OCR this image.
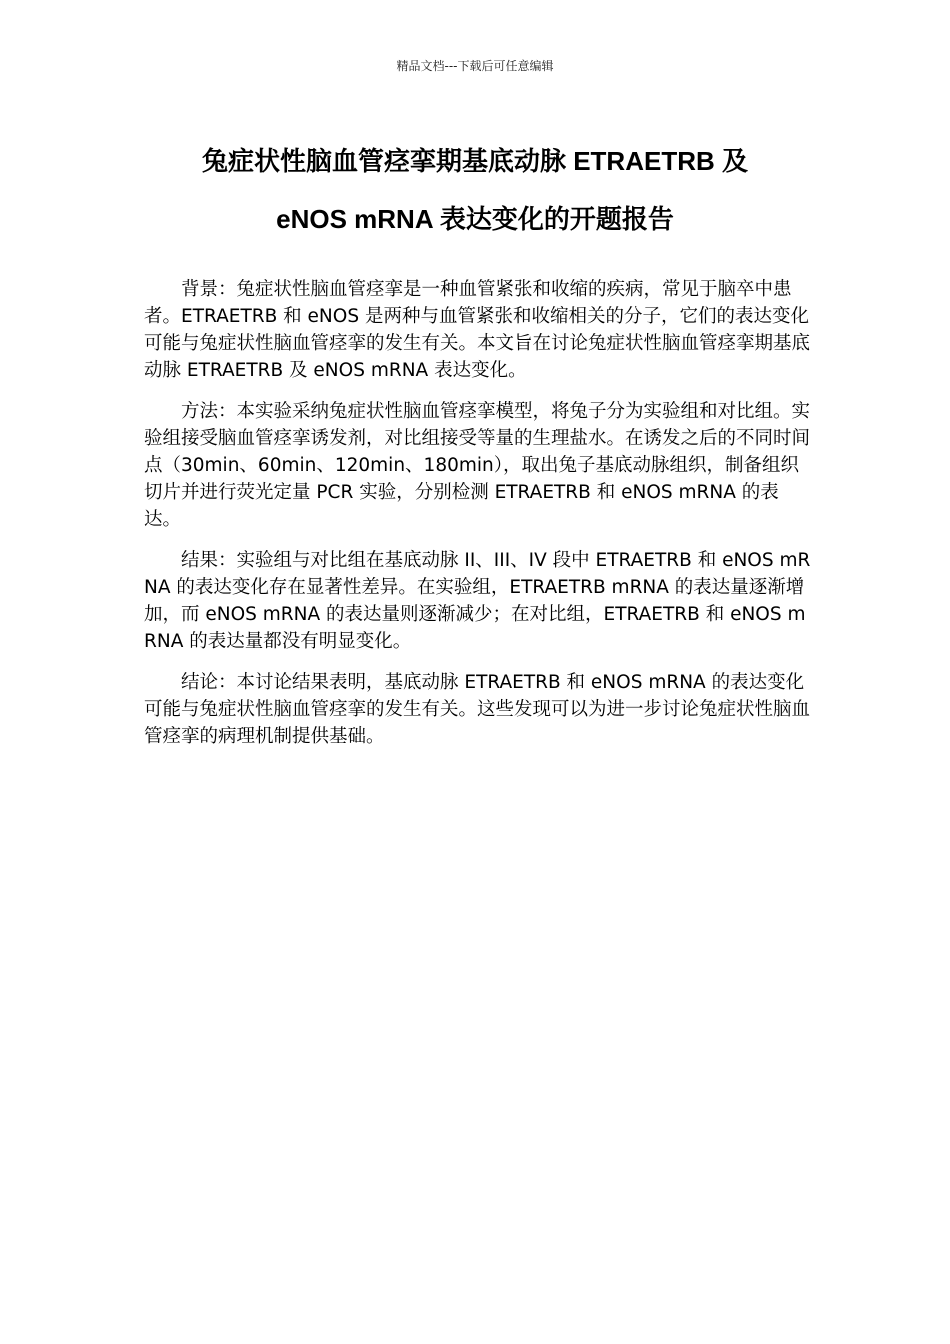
精品文档---下载后可任意编辑
兔症状性脑血管痉挛期基底动脉 ETRAETRB 及
eNOS mRNA 表达变化的开题报告

背景：兔症状性脑血管痉挛是一种血管紧张和收缩的疾病，常见于脑卒中患者。ETRAETRB 和 eNOS 是两种与血管紧张和收缩相关的分子，它们的表达变化可能与兔症状性脑血管痉挛的发生有关。本文旨在讨论兔症状性脑血管痉挛期基底动脉 ETRAETRB 及 eNOS mRNA 表达变化。

方法：本实验采纳兔症状性脑血管痉挛模型，将兔子分为实验组和对比组。实验组接受脑血管痉挛诱发剂，对比组接受等量的生理盐水。在诱发之后的不同时间点（30min、60min、120min、180min），取出兔子基底动脉组织，制备组织切片并进行荧光定量 PCR 实验，分别检测 ETRAETRB 和 eNOS mRNA 的表达。

结果：实验组与对比组在基底动脉 II、III、IV 段中 ETRAETRB 和 eNOS mRNA 的表达变化存在显著性差异。在实验组，ETRAETRB mRNA 的表达量逐渐增加，而 eNOS mRNA 的表达量则逐渐减少；在对比组，ETRAETRB 和 eNOS mRNA 的表达量都没有明显变化。

结论：本讨论结果表明，基底动脉 ETRAETRB 和 eNOS mRNA 的表达变化可能与兔症状性脑血管痉挛的发生有关。这些发现可以为进一步讨论兔症状性脑血管痉挛的病理机制提供基础。
